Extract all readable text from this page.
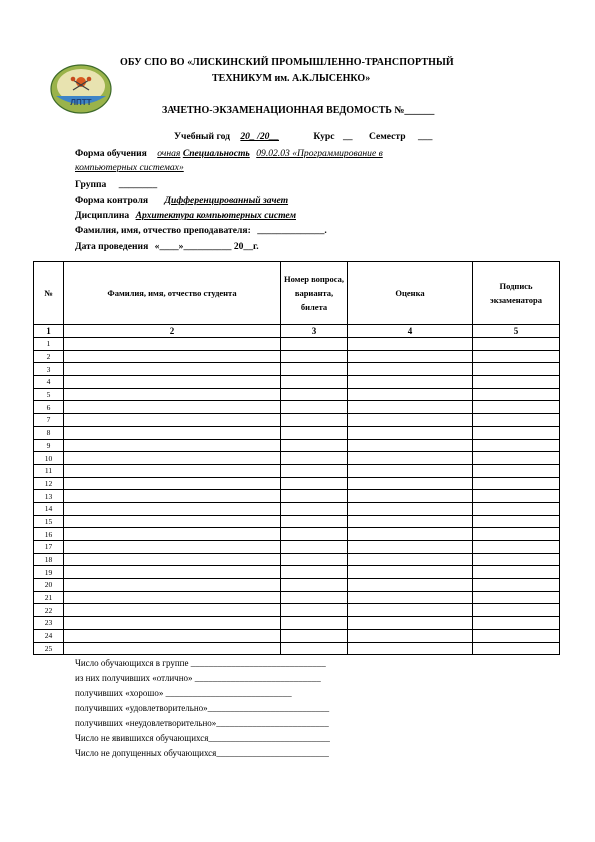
ЛПТТ
ОБУ СПО ВО «ЛИСКИНСКИЙ ПРОМЫШЛЕННО-ТРАНСПОРТНЫЙ
ТЕХНИКУМ им. А.К.ЛЫСЕНКО»
ЗАЧЕТНО-ЭКЗАМЕНАЦИОННАЯ ВЕДОМОСТЬ №______
Учебный год 20_ /20__	Курс __ Семестр ___
Форма обучения очная Специальность 09.02.03 «Программирование в
компьютерных системах»
Группа ________
Форма контроля Дифференцированный зачет
Дисциплина Архитектура компьютерных систем
Фамилия, имя, отчество преподавателя: ______________.
Дата проведения «____»__________ 20__г.
№	Фамилия, имя, отчество студента	Номер вопроса, варианта, билета	Оценка	Подпись экзаменатора
1	2	3	4	5
1				
2				
3				
4				
5				
6				
7				
8				
9				
10				
11				
12				
13				
14				
15				
16				
17				
18				
19				
20				
21				
22				
23				
24				
25				
Число обучающихся в группе ______________________________
из них получивших «отлично» ____________________________
получивших «хорошо» ____________________________
получивших «удовлетворительно»___________________________
получивших «неудовлетворительно»_________________________
Число не явившихся обучающихся___________________________
Число не допущенных обучающихся_________________________
